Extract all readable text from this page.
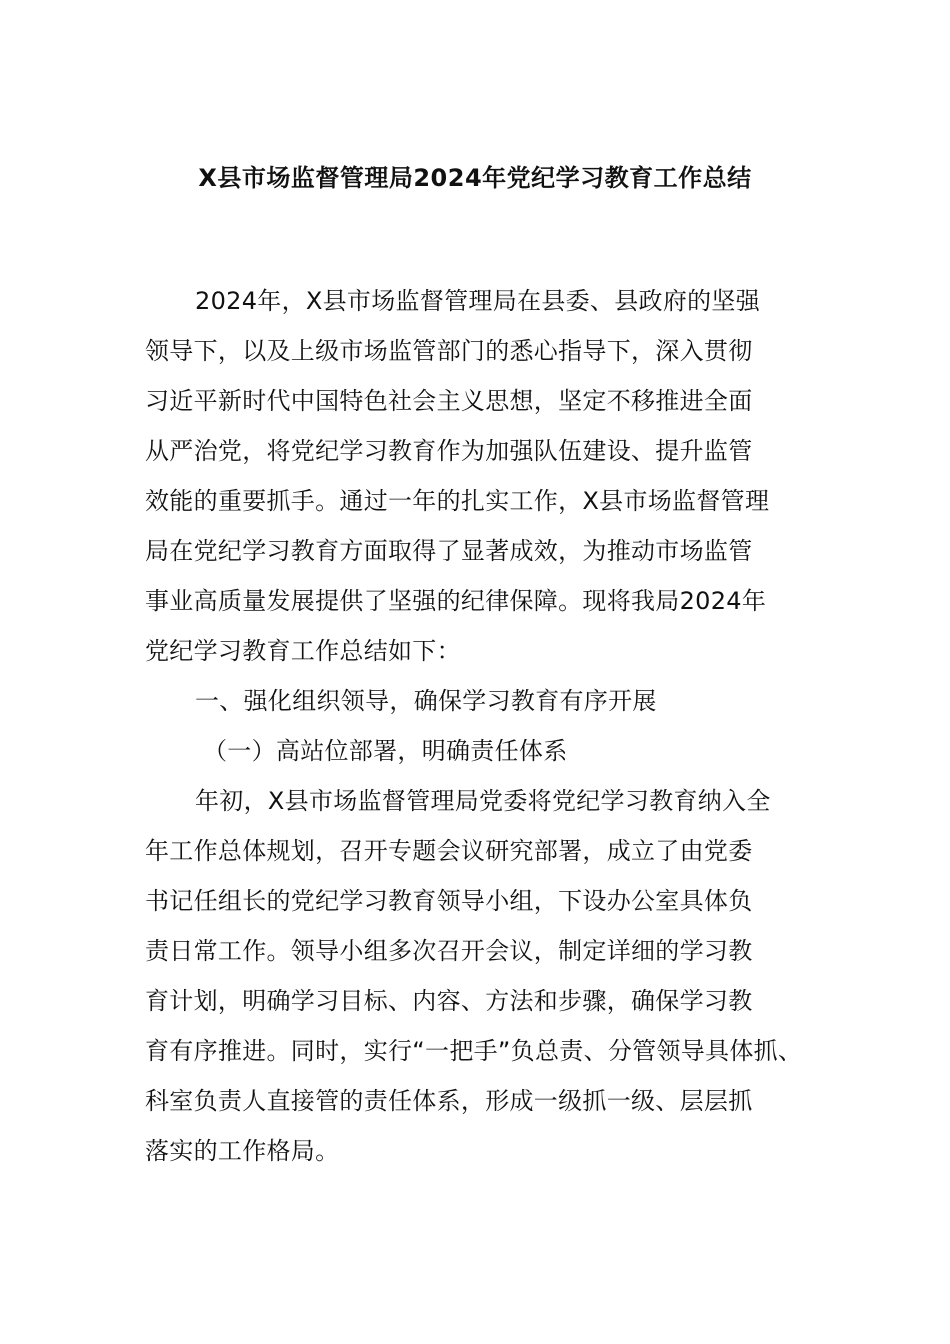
X县市场监督管理局2024年党纪学习教育工作总结
2024年，X县市场监督管理局在县委、县政府的坚强
领导下，以及上级市场监管部门的悉心指导下，深入贯彻
习近平新时代中国特色社会主义思想，坚定不移推进全面
从严治党，将党纪学习教育作为加强队伍建设、提升监管
效能的重要抓手。通过一年的扎实工作，X县市场监督管理
局在党纪学习教育方面取得了显著成效，为推动市场监管
事业高质量发展提供了坚强的纪律保障。现将我局2024年
党纪学习教育工作总结如下：
一、强化组织领导，确保学习教育有序开展
（一）高站位部署，明确责任体系
年初，X县市场监督管理局党委将党纪学习教育纳入全
年工作总体规划，召开专题会议研究部署，成立了由党委
书记任组长的党纪学习教育领导小组，下设办公室具体负
责日常工作。领导小组多次召开会议，制定详细的学习教
育计划，明确学习目标、内容、方法和步骤，确保学习教
育有序推进。同时，实行“一把手”负总责、分管领导具体抓、
科室负责人直接管的责任体系，形成一级抓一级、层层抓
落实的工作格局。
